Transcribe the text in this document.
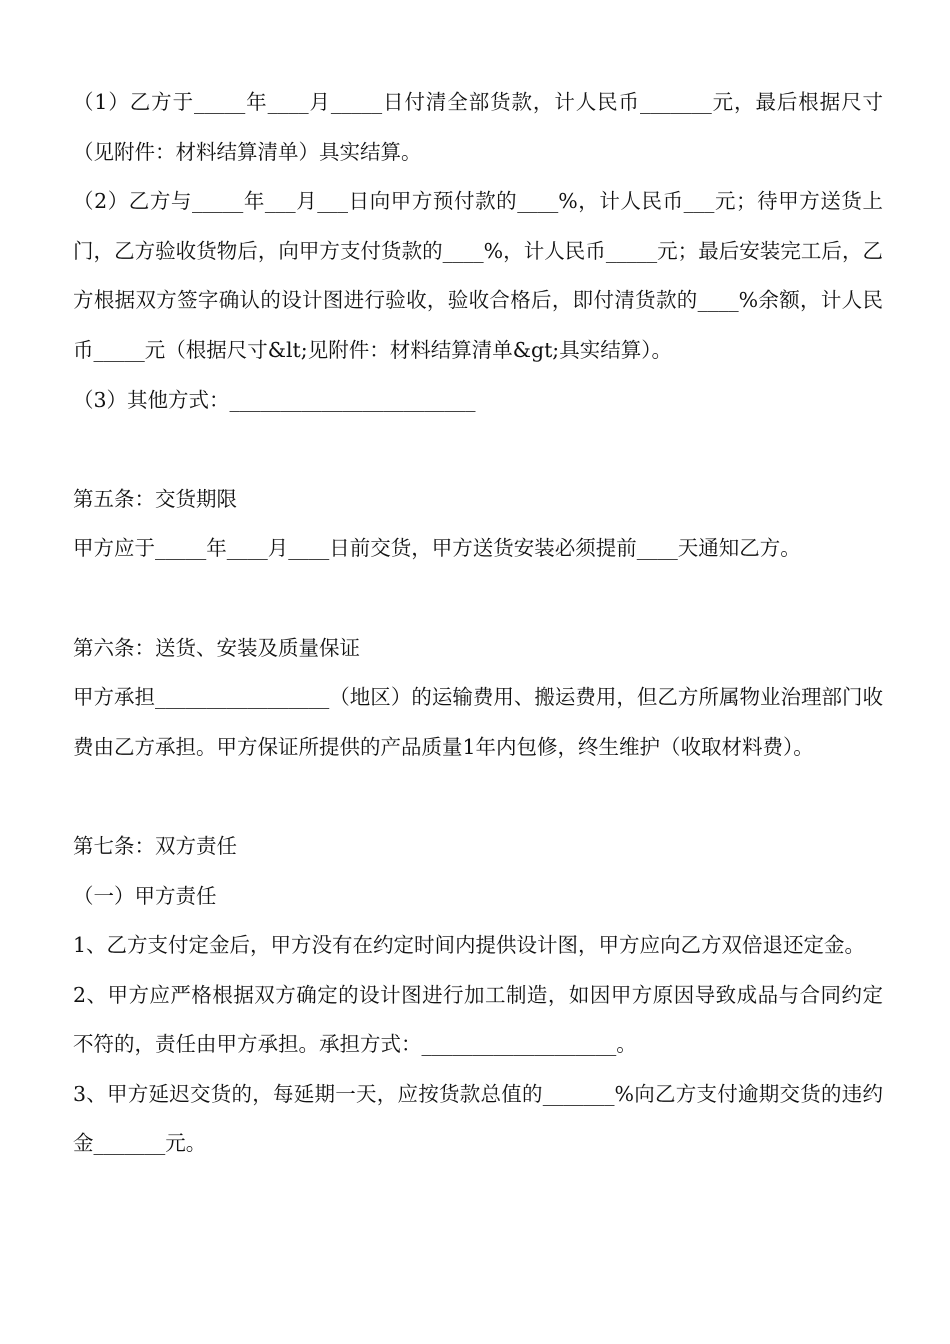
（1）乙方于_____年____月_____日付清全部货款，计人民币_______元，最后根据尺寸（见附件：材料结算清单）具实结算。

（2）乙方与_____年___月___日向甲方预付款的____%，计人民币___元；待甲方送货上门，乙方验收货物后，向甲方支付货款的____%，计人民币_____元；最后安装完工后，乙方根据双方签字确认的设计图进行验收，验收合格后，即付清货款的____%余额，计人民币_____元（根据尺寸&lt;见附件：材料结算清单&gt;具实结算）。

（3）其他方式：________________________

第五条：交货期限

甲方应于_____年____月____日前交货，甲方送货安装必须提前____天通知乙方。

第六条：送货、安装及质量保证

甲方承担_________________（地区）的运输费用、搬运费用，但乙方所属物业治理部门收费由乙方承担。甲方保证所提供的产品质量1年内包修，终生维护（收取材料费）。

第七条：双方责任

（一）甲方责任

1、乙方支付定金后，甲方没有在约定时间内提供设计图，甲方应向乙方双倍退还定金。

2、甲方应严格根据双方确定的设计图进行加工制造，如因甲方原因导致成品与合同约定不符的，责任由甲方承担。承担方式：___________________。

3、甲方延迟交货的，每延期一天，应按货款总值的_______%向乙方支付逾期交货的违约金_______元。
